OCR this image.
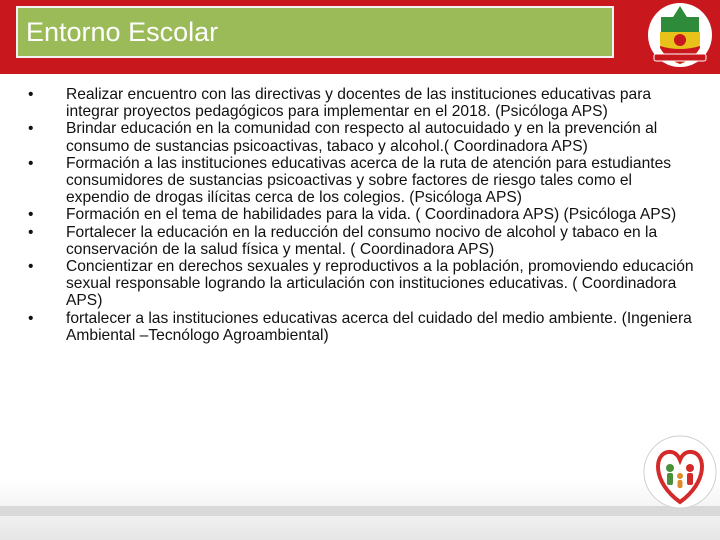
Entorno Escolar
• Realizar encuentro con las directivas y docentes de las instituciones educativas para integrar proyectos pedagógicos para implementar en el 2018. (Psicóloga APS)
• Brindar educación en la comunidad con respecto al autocuidado y en la prevención al consumo de sustancias psicoactivas, tabaco y alcohol.( Coordinadora APS)
• Formación a las instituciones educativas acerca de la ruta de atención para estudiantes consumidores de sustancias psicoactivas y sobre factores de riesgo tales como el expendio de drogas ilícitas cerca de los colegios. (Psicóloga APS)
• Formación en el tema de habilidades para la vida. ( Coordinadora APS) (Psicóloga APS)
• Fortalecer la educación en la reducción del consumo nocivo de alcohol y tabaco en la conservación de la salud física y mental. ( Coordinadora APS)
• Concientizar en derechos sexuales y reproductivos a la población, promoviendo educación sexual responsable logrando la articulación con instituciones educativas. ( Coordinadora APS)
• fortalecer a las instituciones educativas acerca del cuidado del medio ambiente. (Ingeniera Ambiental –Tecnólogo Agroambiental)
